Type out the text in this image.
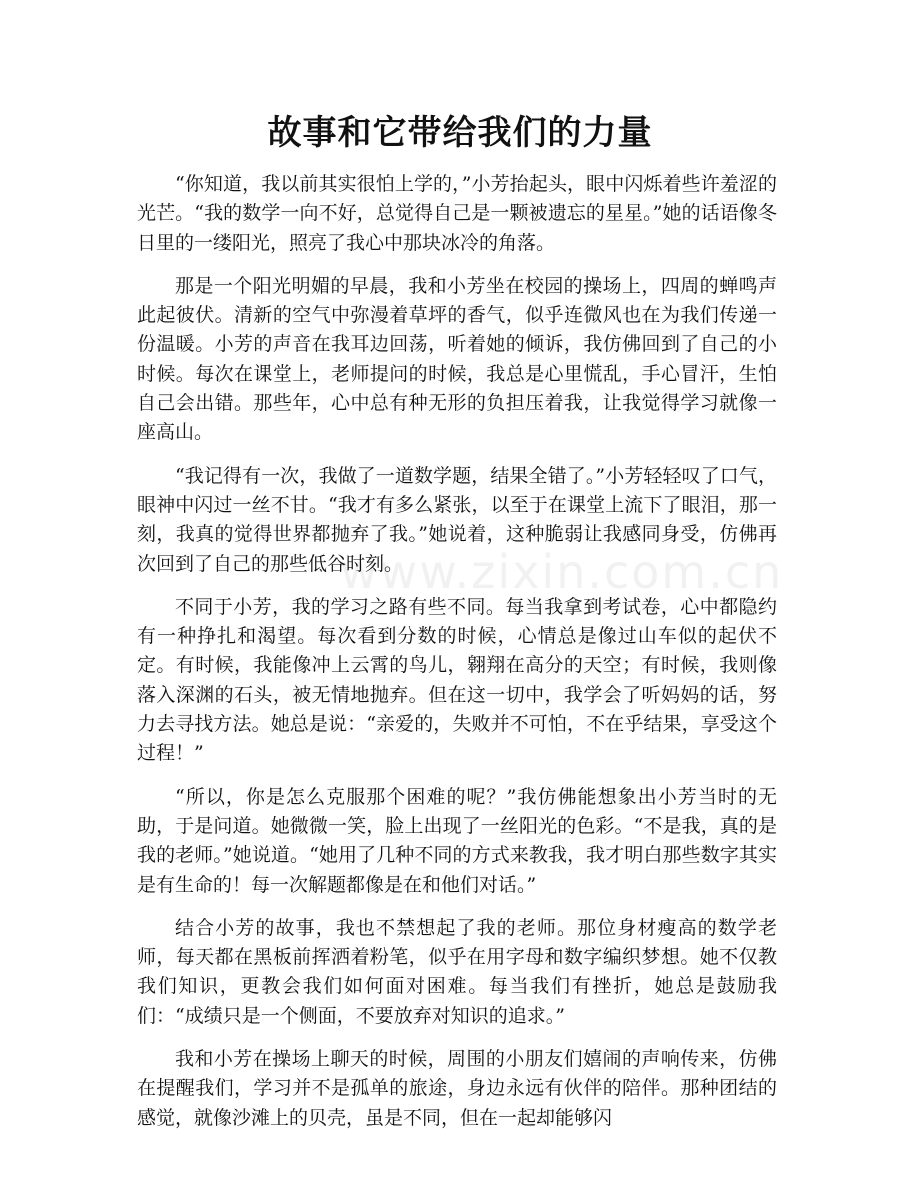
故事和它带给我们的力量
www.zixin.com.cn

“你知道，我以前其实很怕上学的，”小芳抬起头，眼中闪烁着些许羞涩的光芒。“我的数学一向不好，总觉得自己是一颗被遗忘的星星。”她的话语像冬日里的一缕阳光，照亮了我心中那块冰冷的角落。

那是一个阳光明媚的早晨，我和小芳坐在校园的操场上，四周的蝉鸣声此起彼伏。清新的空气中弥漫着草坪的香气，似乎连微风也在为我们传递一份温暖。小芳的声音在我耳边回荡，听着她的倾诉，我仿佛回到了自己的小时候。每次在课堂上，老师提问的时候，我总是心里慌乱，手心冒汗，生怕自己会出错。那些年，心中总有种无形的负担压着我，让我觉得学习就像一座高山。

“我记得有一次，我做了一道数学题，结果全错了。”小芳轻轻叹了口气，眼神中闪过一丝不甘。“我才有多么紧张，以至于在课堂上流下了眼泪，那一刻，我真的觉得世界都抛弃了我。”她说着，这种脆弱让我感同身受，仿佛再次回到了自己的那些低谷时刻。

不同于小芳，我的学习之路有些不同。每当我拿到考试卷，心中都隐约有一种挣扎和渴望。每次看到分数的时候，心情总是像过山车似的起伏不定。有时候，我能像冲上云霄的鸟儿，翱翔在高分的天空；有时候，我则像落入深渊的石头，被无情地抛弃。但在这一切中，我学会了听妈妈的话，努力去寻找方法。她总是说：“亲爱的，失败并不可怕，不在乎结果，享受这个过程！”

“所以，你是怎么克服那个困难的呢？”我仿佛能想象出小芳当时的无助，于是问道。她微微一笑，脸上出现了一丝阳光的色彩。“不是我，真的是我的老师。”她说道。“她用了几种不同的方式来教我，我才明白那些数字其实是有生命的！每一次解题都像是在和他们对话。”

结合小芳的故事，我也不禁想起了我的老师。那位身材瘦高的数学老师，每天都在黑板前挥洒着粉笔，似乎在用字母和数字编织梦想。她不仅教我们知识，更教会我们如何面对困难。每当我们有挫折，她总是鼓励我们：“成绩只是一个侧面，不要放弃对知识的追求。”

我和小芳在操场上聊天的时候，周围的小朋友们嬉闹的声响传来，仿佛在提醒我们，学习并不是孤单的旅途，身边永远有伙伴的陪伴。那种团结的感觉，就像沙滩上的贝壳，虽是不同，但在一起却能够闪
